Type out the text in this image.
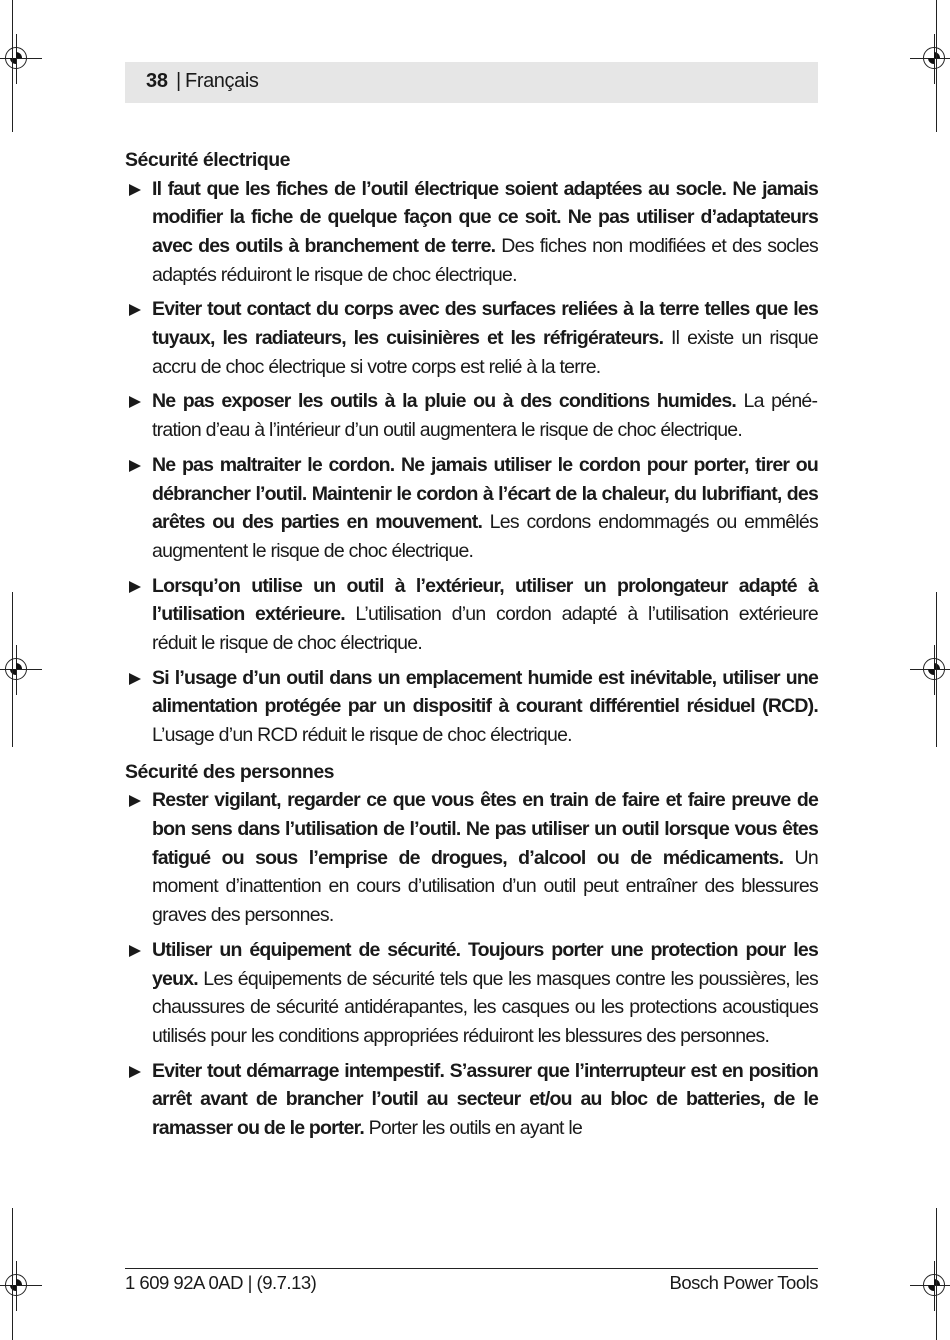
38 | Français

Sécurité électrique

Il faut que les fiches de l’outil électrique soient adaptées au socle. Ne jamais modifier la fiche de quelque façon que ce soit. Ne pas utiliser d’adaptateurs avec des outils à branchement de terre. Des fiches non modifiées et des socles adaptés réduiront le risque de choc électrique.
Eviter tout contact du corps avec des surfaces reliées à la terre telles que les tuyaux, les radiateurs, les cuisinières et les réfrigérateurs. Il existe un risque accru de choc électrique si votre corps est relié à la terre.
Ne pas exposer les outils à la pluie ou à des conditions humides. La pénétration d’eau à l’intérieur d’un outil augmentera le risque de choc électrique.
Ne pas maltraiter le cordon. Ne jamais utiliser le cordon pour porter, tirer ou débrancher l’outil. Maintenir le cordon à l’écart de la chaleur, du lubrifiant, des arêtes ou des parties en mouvement. Les cordons endommagés ou emmêlés augmentent le risque de choc électrique.
Lorsqu’on utilise un outil à l’extérieur, utiliser un prolongateur adapté à l’utilisation extérieure. L’utilisation d’un cordon adapté à l’utilisation extérieure réduit le risque de choc électrique.
Si l’usage d’un outil dans un emplacement humide est inévitable, utiliser une alimentation protégée par un dispositif à courant différentiel résiduel (RCD). L’usage d’un RCD réduit le risque de choc électrique.

Sécurité des personnes

Rester vigilant, regarder ce que vous êtes en train de faire et faire preuve de bon sens dans l’utilisation de l’outil. Ne pas utiliser un outil lorsque vous êtes fatigué ou sous l’emprise de drogues, d’alcool ou de médicaments. Un moment d’inattention en cours d’utilisation d’un outil peut entraîner des blessures graves des personnes.
Utiliser un équipement de sécurité. Toujours porter une protection pour les yeux. Les équipements de sécurité tels que les masques contre les poussières, les chaussures de sécurité antidérapantes, les casques ou les protections acoustiques utilisés pour les conditions appropriées réduiront les blessures des personnes.
Eviter tout démarrage intempestif. S’assurer que l’interrupteur est en position arrêt avant de brancher l’outil au secteur et/ou au bloc de batteries, de le ramasser ou de le porter. Porter les outils en ayant le
1 609 92A 0AD | (9.7.13)	Bosch Power Tools
